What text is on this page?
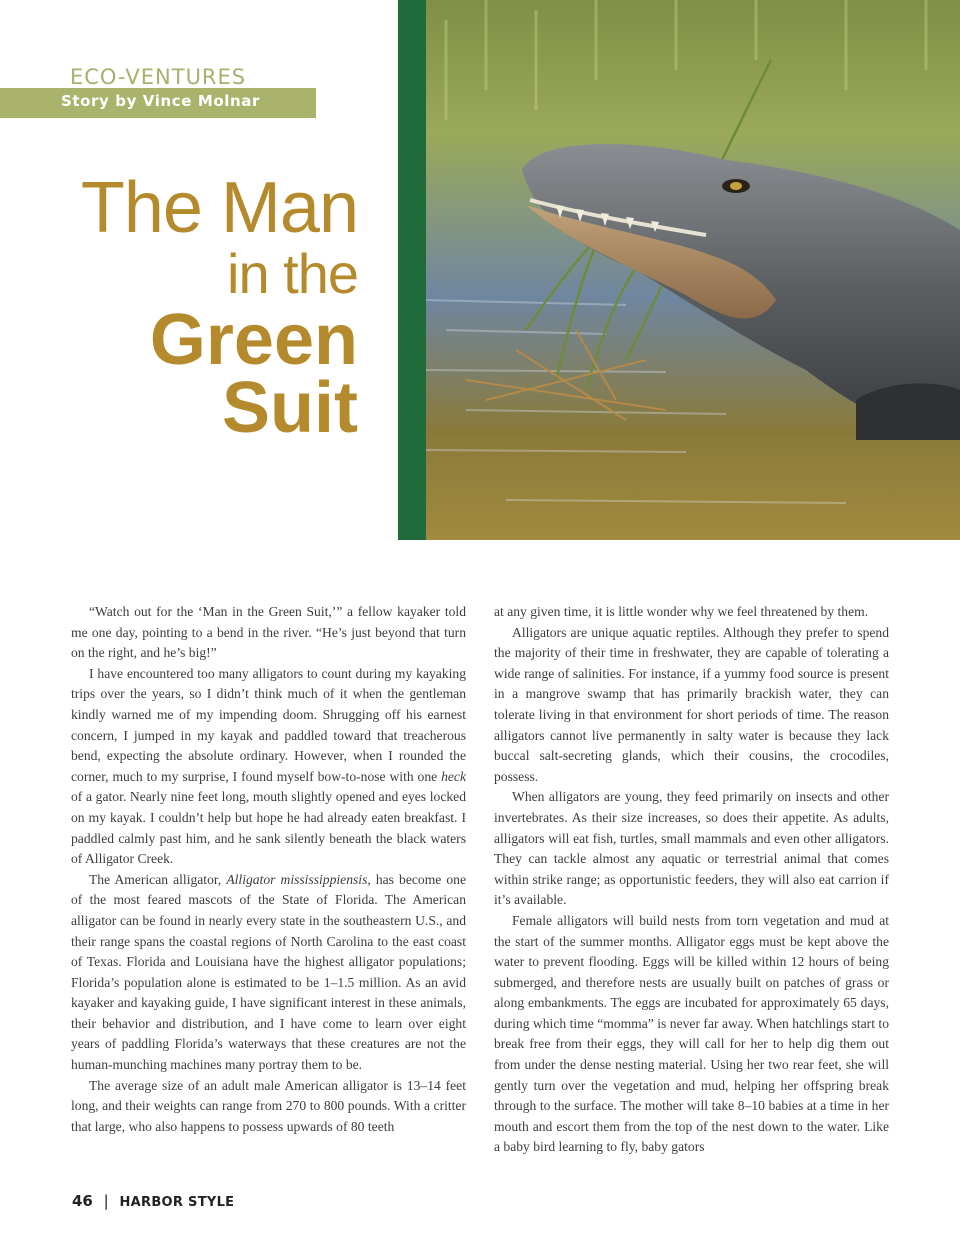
ECO-VENTURES
Story by Vince Molnar
The Man
in the
Green
Suit

“Watch out for the ‘Man in the Green Suit,’” a fellow kayaker told me one day, pointing to a bend in the river. “He’s just beyond that turn on the right, and he’s big!”

I have encountered too many alligators to count during my kayaking trips over the years, so I didn’t think much of it when the gentleman kindly warned me of my impending doom. Shrugging off his earnest concern, I jumped in my kayak and paddled toward that treacherous bend, expecting the absolute ordinary. However, when I rounded the corner, much to my surprise, I found myself bow-to-nose with one heck of a gator. Nearly nine feet long, mouth slightly opened and eyes locked on my kayak. I couldn’t help but hope he had already eaten breakfast. I paddled calmly past him, and he sank silently beneath the black waters of Alligator Creek.

The American alligator, Alligator mississippiensis, has become one of the most feared mascots of the State of Florida. The American alligator can be found in nearly every state in the southeastern U.S., and their range spans the coastal regions of North Carolina to the east coast of Texas. Florida and Louisiana have the highest alligator populations; Florida’s population alone is estimated to be 1–1.5 million. As an avid kayaker and kayaking guide, I have significant interest in these animals, their behavior and distribution, and I have come to learn over eight years of paddling Florida’s waterways that these creatures are not the human-munching machines many portray them to be.

The average size of an adult male American alligator is 13–14 feet long, and their weights can range from 270 to 800 pounds. With a critter that large, who also happens to possess upwards of 80 teeth

at any given time, it is little wonder why we feel threatened by them.

Alligators are unique aquatic reptiles. Although they prefer to spend the majority of their time in freshwater, they are capable of tolerating a wide range of salinities. For instance, if a yummy food source is present in a mangrove swamp that has primarily brackish water, they can tolerate living in that environment for short periods of time. The reason alligators cannot live permanently in salty water is because they lack buccal salt-secreting glands, which their cousins, the crocodiles, possess.

When alligators are young, they feed primarily on insects and other invertebrates. As their size increases, so does their appetite. As adults, alligators will eat fish, turtles, small mammals and even other alligators. They can tackle almost any aquatic or terrestrial animal that comes within strike range; as opportunistic feeders, they will also eat carrion if it’s available.

Female alligators will build nests from torn vegetation and mud at the start of the summer months. Alligator eggs must be kept above the water to prevent flooding. Eggs will be killed within 12 hours of being submerged, and therefore nests are usually built on patches of grass or along embankments. The eggs are incubated for approximately 65 days, during which time “momma” is never far away. When hatchlings start to break free from their eggs, they will call for her to help dig them out from under the dense nesting material. Using her two rear feet, she will gently turn over the vegetation and mud, helping her offspring break through to the surface. The mother will take 8–10 babies at a time in her mouth and escort them from the top of the nest down to the water. Like a baby bird learning to fly, baby gators

46 | HARBOR STYLE
